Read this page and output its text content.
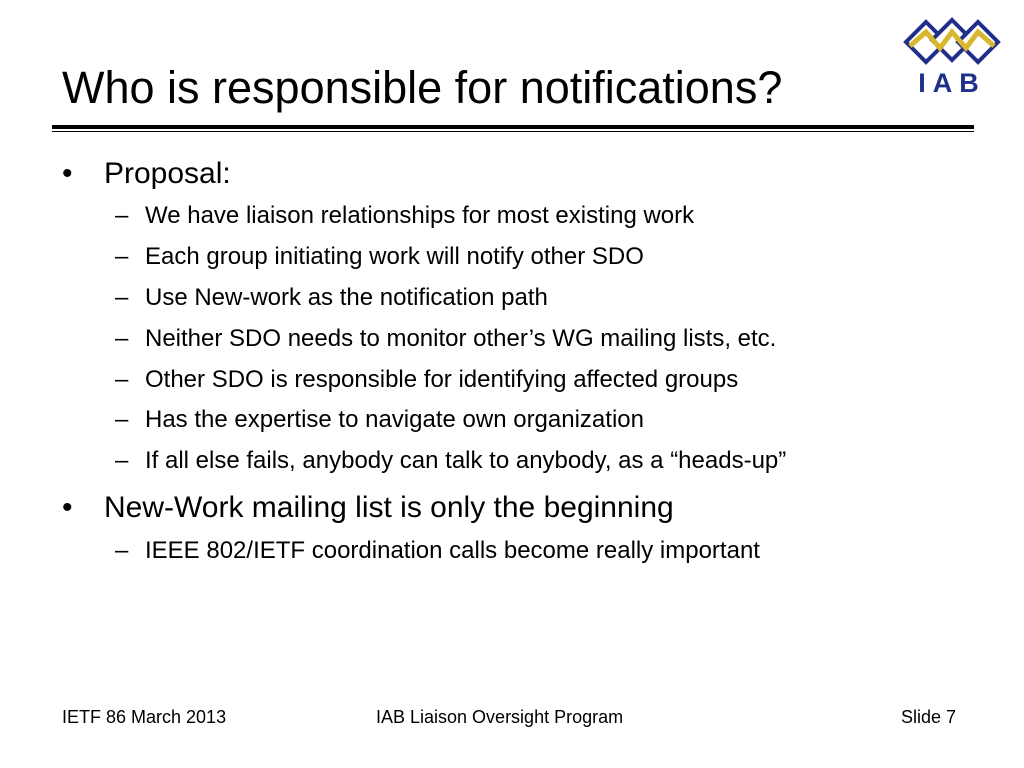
Who is responsible for notifications?	IAB
• Proposal:
– We have liaison relationships for most existing work
– Each group initiating work will notify other SDO
– Use New-work as the notification path
– Neither SDO needs to monitor other’s WG mailing lists, etc.
– Other SDO is responsible for identifying affected groups
– Has the expertise to navigate own organization
– If all else fails, anybody can talk to anybody, as a “heads-up”
• New-Work mailing list is only the beginning
– IEEE 802/IETF coordination calls become really important
IETF 86 March 2013	IAB Liaison Oversight Program	Slide 7
